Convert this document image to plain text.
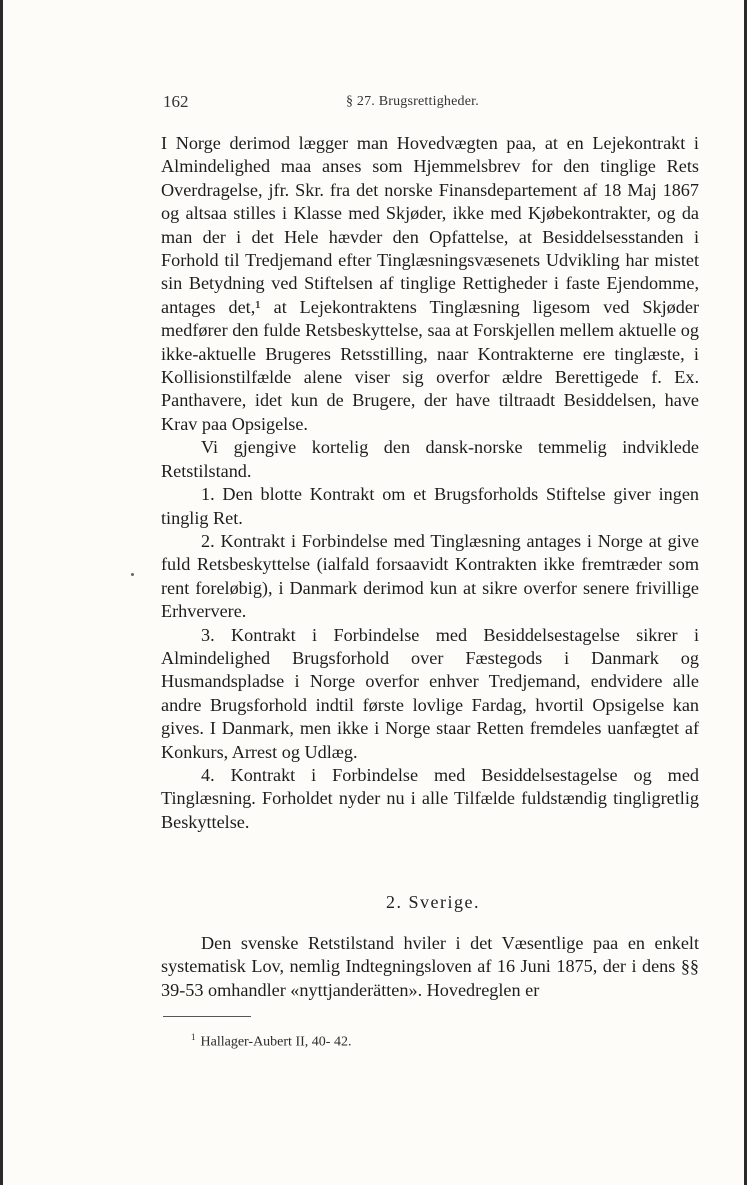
162	§ 27. Brugsrettigheder.

I Norge derimod lægger man Hovedvægten paa, at en Lejekontrakt i Almindelighed maa anses som Hjemmelsbrev for den tinglige Rets Overdragelse, jfr. Skr. fra det norske Finansdepartement af 18 Maj 1867 og altsaa stilles i Klasse med Skjøder, ikke med Kjøbekontrakter, og da man der i det Hele hævder den Opfattelse, at Besiddelsesstanden i Forhold til Tredjemand efter Tinglæsningsvæsenets Udvikling har mistet sin Betydning ved Stiftelsen af tinglige Rettigheder i faste Ejendomme, antages det,¹ at Lejekontraktens Tinglæsning ligesom ved Skjøder medfører den fulde Retsbeskyttelse, saa at Forskjellen mellem aktuelle og ikke-aktuelle Brugeres Retsstilling, naar Kontrakterne ere tinglæste, i Kollisionstilfælde alene viser sig overfor ældre Berettigede f. Ex. Panthavere, idet kun de Brugere, der have tiltraadt Besiddelsen, have Krav paa Opsigelse.

Vi gjengive kortelig den dansk-norske temmelig indviklede Retstilstand.

1. Den blotte Kontrakt om et Brugsforholds Stiftelse giver ingen tinglig Ret.

2. Kontrakt i Forbindelse med Tinglæsning antages i Norge at give fuld Retsbeskyttelse (ialfald forsaavidt Kontrakten ikke fremtræder som rent foreløbig), i Danmark derimod kun at sikre overfor senere frivillige Erhververe.

3. Kontrakt i Forbindelse med Besiddelsestagelse sikrer i Almindelighed Brugsforhold over Fæstegods i Danmark og Husmandspladse i Norge overfor enhver Tredjemand, endvidere alle andre Brugsforhold indtil første lovlige Fardag, hvortil Opsigelse kan gives. I Danmark, men ikke i Norge staar Retten fremdeles uanfægtet af Konkurs, Arrest og Udlæg.

4. Kontrakt i Forbindelse med Besiddelsestagelse og med Tinglæsning. Forholdet nyder nu i alle Tilfælde fuldstændig tingligretlig Beskyttelse.

2. Sverige.
Den svenske Retstilstand hviler i det Væsentlige paa en enkelt systematisk Lov, nemlig Indtegningsloven af 16 Juni 1875, der i dens §§ 39-53 omhandler «nyttjanderätten». Hovedreglen er
$^1$ Hallager-Aubert II, 40- 42.
